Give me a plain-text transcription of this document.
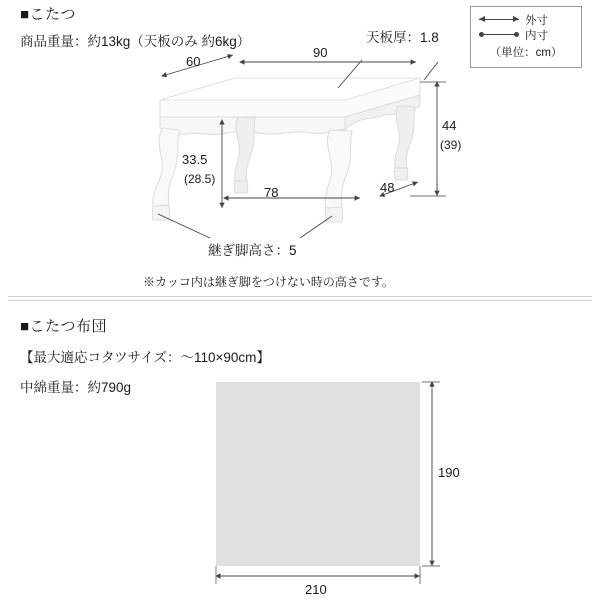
■こたつ
商品重量：約13kg（天板のみ 約6kg）	天板厚：1.8
60
90
44
(39)
33.5
(28.5)
78	48
継ぎ脚高さ：5
※カッコ内は継ぎ脚をつけない時の高さです。
外寸
内寸
（単位：cm）
■こたつ布団
【最大適応コタツサイズ：～110×90cm】
中綿重量：約790g
190
210
